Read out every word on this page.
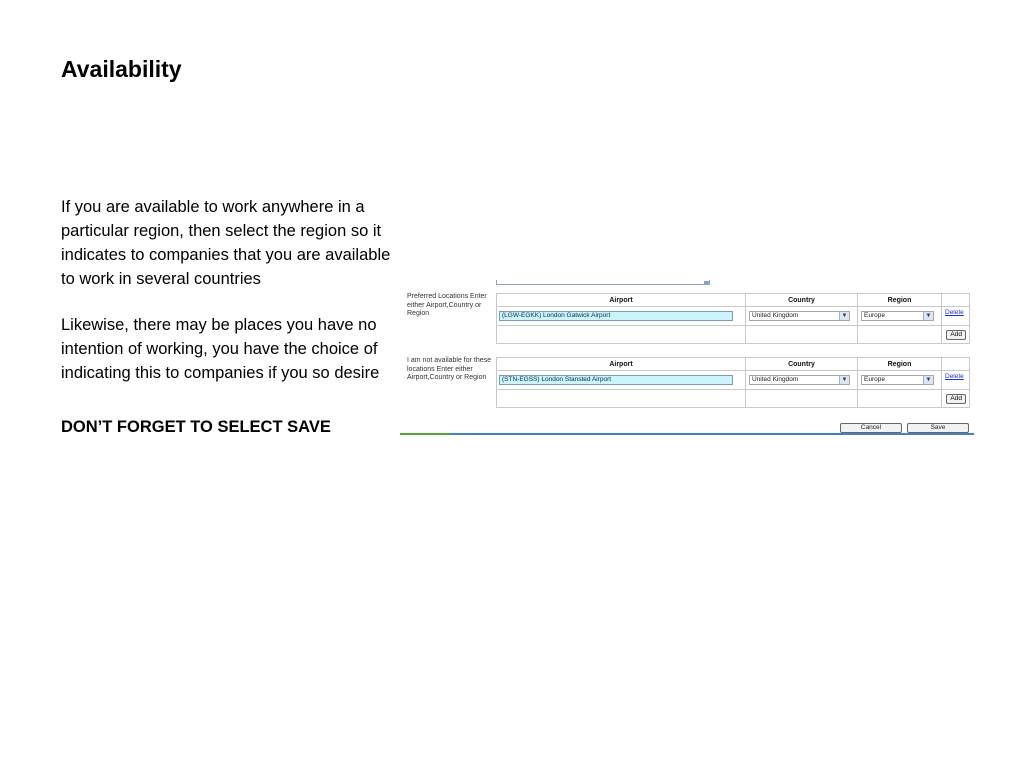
Availability

If you are available to work anywhere in a particular region, then select the region so it indicates to companies that you are available to work in several countries

Likewise, there may be places you have no intention of working, you have the choice of indicating this to companies if you so desire

DON’T FORGET TO SELECT SAVE

Preferred Locations Enter either Airport,Country or Region
Airport	Country	Region	

(LGW-EGKK) London Gatwick Airport	United Kingdom ▼	Europe ▼	Delete

			Add
I am not available for these locations Enter either Airport,Country or Region
Airport	Country	Region	

(STN-EGSS) London Stansted Airport	United Kingdom ▼	Europe ▼	Delete

			Add
Cancel	Save
